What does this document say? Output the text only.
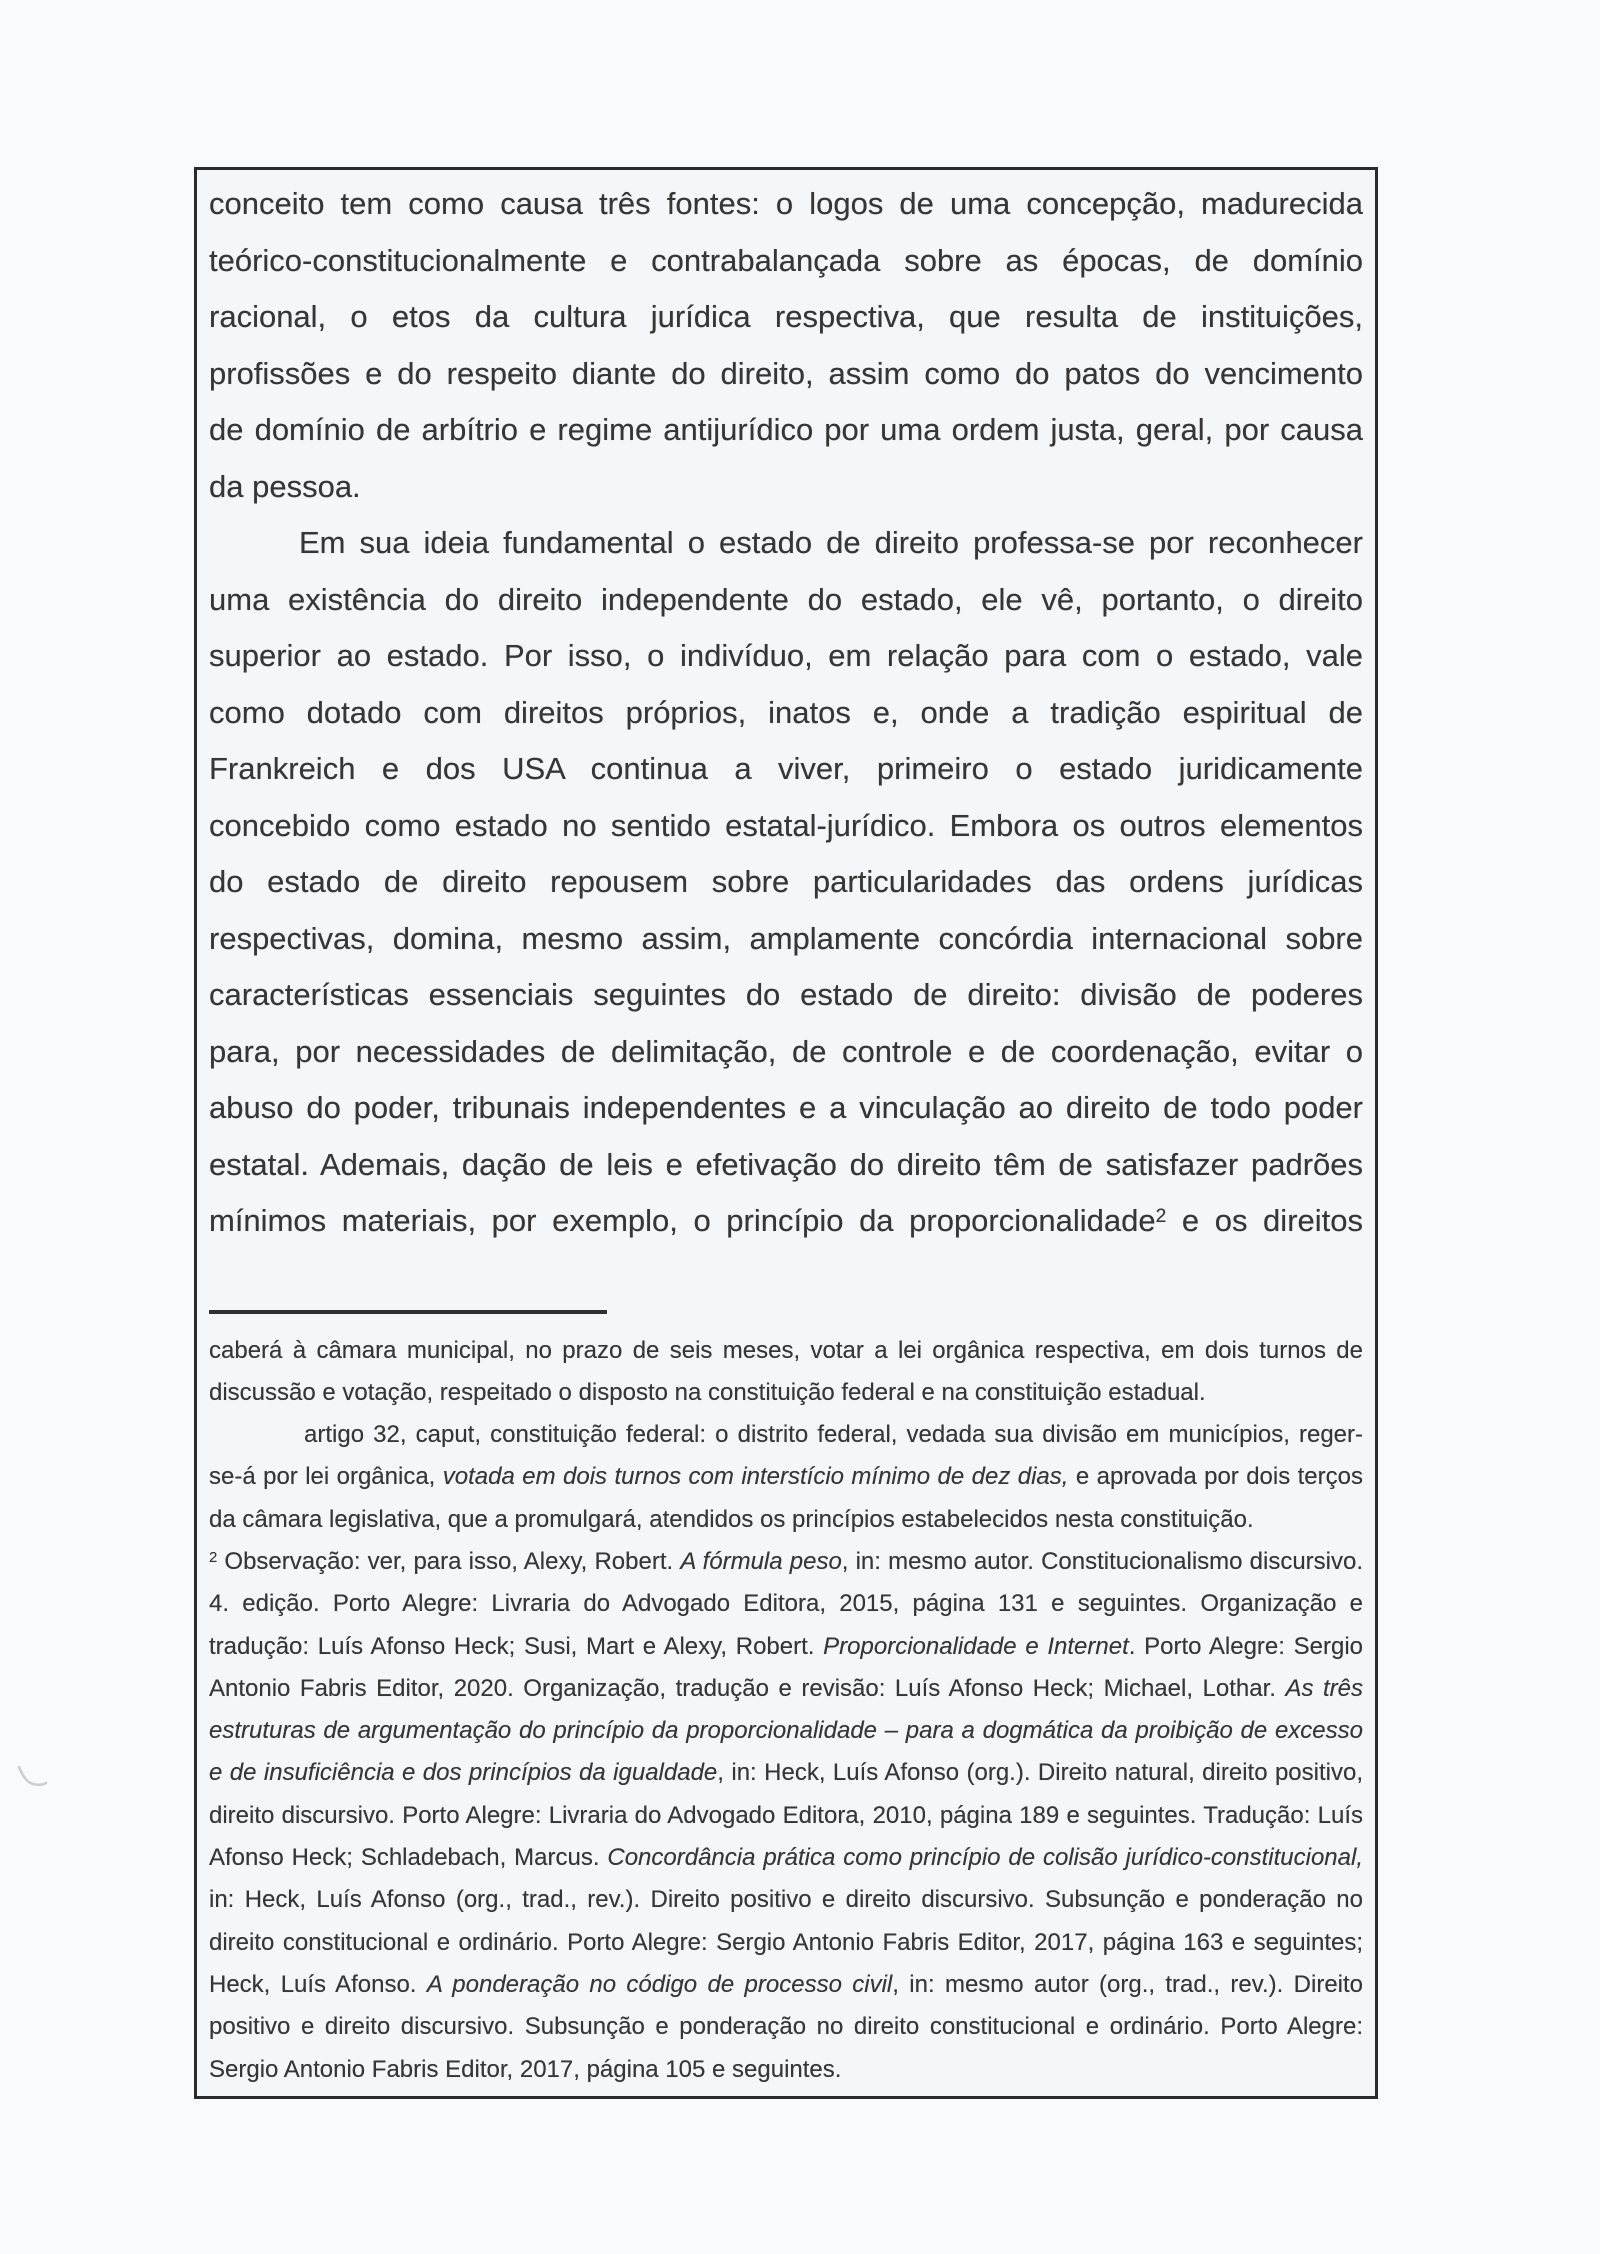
conceito tem como causa três fontes: o logos de uma concepção, madurecida
teórico-constitucionalmente e contrabalançada sobre as épocas, de domínio
racional, o etos da cultura jurídica respectiva, que resulta de instituições,
profissões e do respeito diante do direito, assim como do patos do vencimento
de domínio de arbítrio e regime antijurídico por uma ordem justa, geral, por causa
da pessoa.
Em sua ideia fundamental o estado de direito professa-se por reconhecer
uma existência do direito independente do estado, ele vê, portanto, o direito
superior ao estado. Por isso, o indivíduo, em relação para com o estado, vale
como dotado com direitos próprios, inatos e, onde a tradição espiritual de
Frankreich e dos USA continua a viver, primeiro o estado juridicamente
concebido como estado no sentido estatal-jurídico. Embora os outros elementos
do estado de direito repousem sobre particularidades das ordens jurídicas
respectivas, domina, mesmo assim, amplamente concórdia internacional sobre
características essenciais seguintes do estado de direito: divisão de poderes
para, por necessidades de delimitação, de controle e de coordenação, evitar o
abuso do poder, tribunais independentes e a vinculação ao direito de todo poder
estatal. Ademais, dação de leis e efetivação do direito têm de satisfazer padrões
mínimos materiais, por exemplo, o princípio da proporcionalidade$^2$ e os direitos
caberá à câmara municipal, no prazo de seis meses, votar a lei orgânica respectiva, em dois turnos de
discussão e votação, respeitado o disposto na constituição federal e na constituição estadual.
artigo 32, caput, constituição federal: o distrito federal, vedada sua divisão em municípios, reger-
se-á por lei orgânica, votada em dois turnos com interstício mínimo de dez dias, e aprovada por dois terços
da câmara legislativa, que a promulgará, atendidos os princípios estabelecidos nesta constituição.
$^2$ Observação: ver, para isso, Alexy, Robert. A fórmula peso, in: mesmo autor. Constitucionalismo discursivo.
4. edição. Porto Alegre: Livraria do Advogado Editora, 2015, página 131 e seguintes. Organização e
tradução: Luís Afonso Heck; Susi, Mart e Alexy, Robert. Proporcionalidade e Internet. Porto Alegre: Sergio
Antonio Fabris Editor, 2020. Organização, tradução e revisão: Luís Afonso Heck; Michael, Lothar. As três
estruturas de argumentação do princípio da proporcionalidade – para a dogmática da proibição de excesso
e de insuficiência e dos princípios da igualdade, in: Heck, Luís Afonso (org.). Direito natural, direito positivo,
direito discursivo. Porto Alegre: Livraria do Advogado Editora, 2010, página 189 e seguintes. Tradução: Luís
Afonso Heck; Schladebach, Marcus. Concordância prática como princípio de colisão jurídico-constitucional,
in: Heck, Luís Afonso (org., trad., rev.). Direito positivo e direito discursivo. Subsunção e ponderação no
direito constitucional e ordinário. Porto Alegre: Sergio Antonio Fabris Editor, 2017, página 163 e seguintes;
Heck, Luís Afonso. A ponderação no código de processo civil, in: mesmo autor (org., trad., rev.). Direito
positivo e direito discursivo. Subsunção e ponderação no direito constitucional e ordinário. Porto Alegre:
Sergio Antonio Fabris Editor, 2017, página 105 e seguintes.
